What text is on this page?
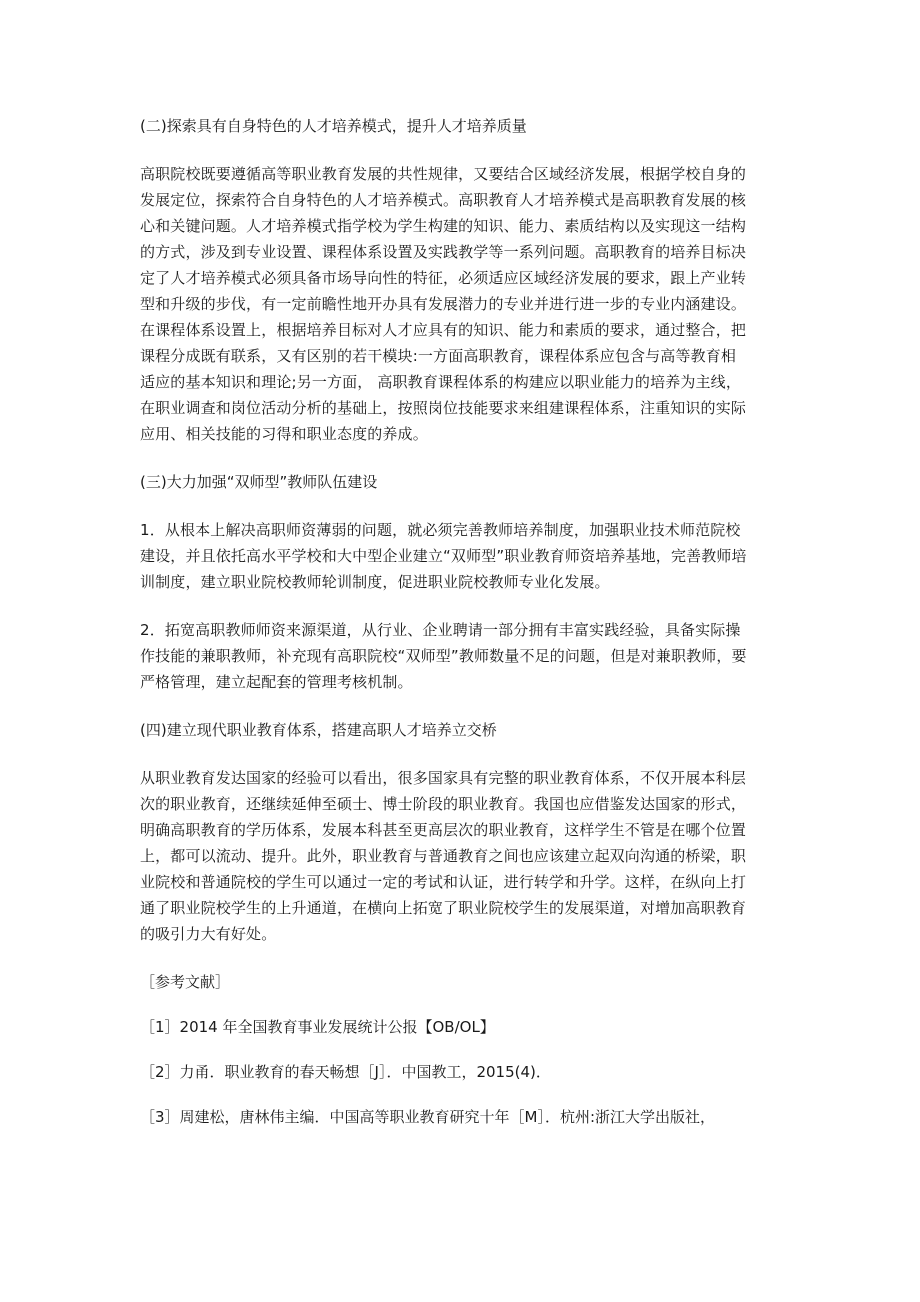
(二)探索具有自身特色的人才培养模式，提升人才培养质量
高职院校既要遵循高等职业教育发展的共性规律，又要结合区域经济发展，根据学校自身的
发展定位，探索符合自身特色的人才培养模式。高职教育人才培养模式是高职教育发展的核
心和关键问题。人才培养模式指学校为学生构建的知识、能力、素质结构以及实现这一结构
的方式，涉及到专业设置、课程体系设置及实践教学等一系列问题。高职教育的培养目标决
定了人才培养模式必须具备市场导向性的特征，必须适应区域经济发展的要求，跟上产业转
型和升级的步伐，有一定前瞻性地开办具有发展潜力的专业并进行进一步的专业内涵建设。
在课程体系设置上，根据培养目标对人才应具有的知识、能力和素质的要求，通过整合，把
课程分成既有联系，又有区别的若干模块:一方面高职教育，课程体系应包含与高等教育相
适应的基本知识和理论;另一方面， 高职教育课程体系的构建应以职业能力的培养为主线，
在职业调查和岗位活动分析的基础上，按照岗位技能要求来组建课程体系，注重知识的实际
应用、相关技能的习得和职业态度的养成。
(三)大力加强“双师型”教师队伍建设
1．从根本上解决高职师资薄弱的问题，就必须完善教师培养制度，加强职业技术师范院校
建设，并且依托高水平学校和大中型企业建立“双师型”职业教育师资培养基地，完善教师培
训制度，建立职业院校教师轮训制度，促进职业院校教师专业化发展。
2．拓宽高职教师师资来源渠道，从行业、企业聘请一部分拥有丰富实践经验，具备实际操
作技能的兼职教师，补充现有高职院校“双师型”教师数量不足的问题，但是对兼职教师，要
严格管理，建立起配套的管理考核机制。
(四)建立现代职业教育体系，搭建高职人才培养立交桥
从职业教育发达国家的经验可以看出，很多国家具有完整的职业教育体系，不仅开展本科层
次的职业教育，还继续延伸至硕士、博士阶段的职业教育。我国也应借鉴发达国家的形式，
明确高职教育的学历体系，发展本科甚至更高层次的职业教育，这样学生不管是在哪个位置
上，都可以流动、提升。此外，职业教育与普通教育之间也应该建立起双向沟通的桥梁，职
业院校和普通院校的学生可以通过一定的考试和认证，进行转学和升学。这样，在纵向上打
通了职业院校学生的上升通道，在横向上拓宽了职业院校学生的发展渠道，对增加高职教育
的吸引力大有好处。
［参考文献］
［1］2014 年全国教育事业发展统计公报【OB/OL】
［2］力甬．职业教育的春天畅想［J］．中国教工，2015(4)．
［3］周建松，唐林伟主编．中国高等职业教育研究十年［M］．杭州:浙江大学出版社，
